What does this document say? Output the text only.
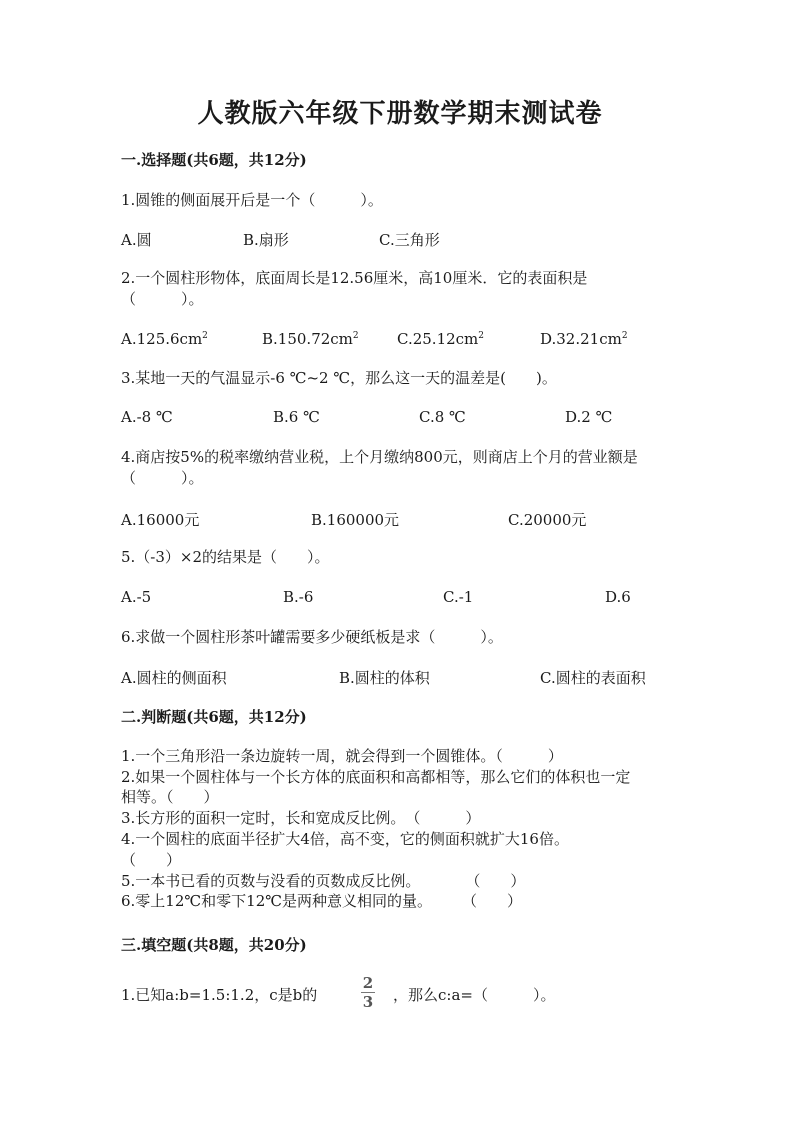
人教版六年级下册数学期末测试卷
一.选择题(共6题，共12分)
1.圆锥的侧面展开后是一个（　　　）。
A.圆	B.扇形	C.三角形
2.一个圆柱形物体，底面周长是12.56厘米，高10厘米．它的表面积是
（　　　）。
$A.125.6cm^2$	$B.150.72cm^2$	$C.25.12cm^2$	$D.32.21cm^2$
3.某地一天的气温显示-6 ℃~2 ℃，那么这一天的温差是(　　)。
A.-8 ℃	B.6 ℃	C.8 ℃	D.2 ℃
4.商店按5%的税率缴纳营业税，上个月缴纳800元，则商店上个月的营业额是
（　　　）。
A.16000元	B.160000元	C.20000元
5.（-3）×2的结果是（　　）。
A.-5	B.-6	C.-1	D.6
6.求做一个圆柱形茶叶罐需要多少硬纸板是求（　　　）。
A.圆柱的侧面积	B.圆柱的体积	C.圆柱的表面积
二.判断题(共6题，共12分)
1.一个三角形沿一条边旋转一周，就会得到一个圆锥体。（　　　）
2.如果一个圆柱体与一个长方体的底面积和高都相等，那么它们的体积也一定
相等。（　　）
3.长方形的面积一定时，长和宽成反比例。　（　　　）
4.一个圆柱的底面半径扩大4倍，高不变，它的侧面积就扩大16倍。
（　　）
5.一本书已看的页数与没看的页数成反比例。　　　　（　　）
6.零上12℃和零下12℃是两种意义相同的量。　　　（　　）
三.填空题(共8题，共20分)
1.已知a:b=1.5:1.2，c是b的
2
3 ，那么c:a=（　　　）。
